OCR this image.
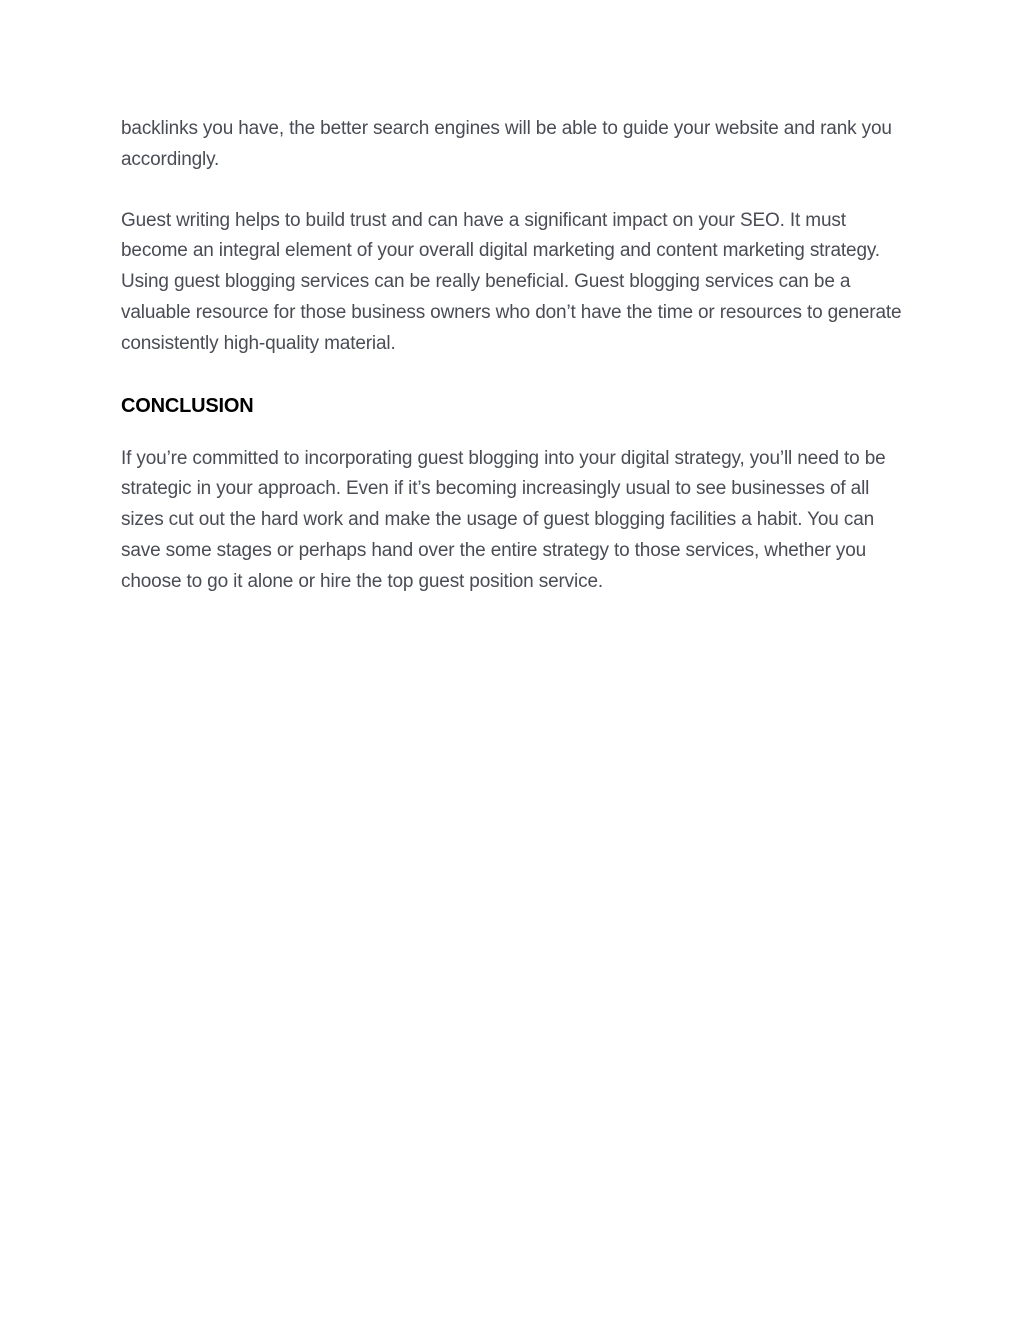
backlinks you have, the better search engines will be able to guide your website and rank you accordingly.

Guest writing helps to build trust and can have a significant impact on your SEO. It must become an integral element of your overall digital marketing and content marketing strategy. Using guest blogging services can be really beneficial. Guest blogging services can be a valuable resource for those business owners who don’t have the time or resources to generate consistently high-quality material.

CONCLUSION

If you’re committed to incorporating guest blogging into your digital strategy, you’ll need to be strategic in your approach. Even if it’s becoming increasingly usual to see businesses of all sizes cut out the hard work and make the usage of guest blogging facilities a habit. You can save some stages or perhaps hand over the entire strategy to those services, whether you choose to go it alone or hire the top guest position service.
